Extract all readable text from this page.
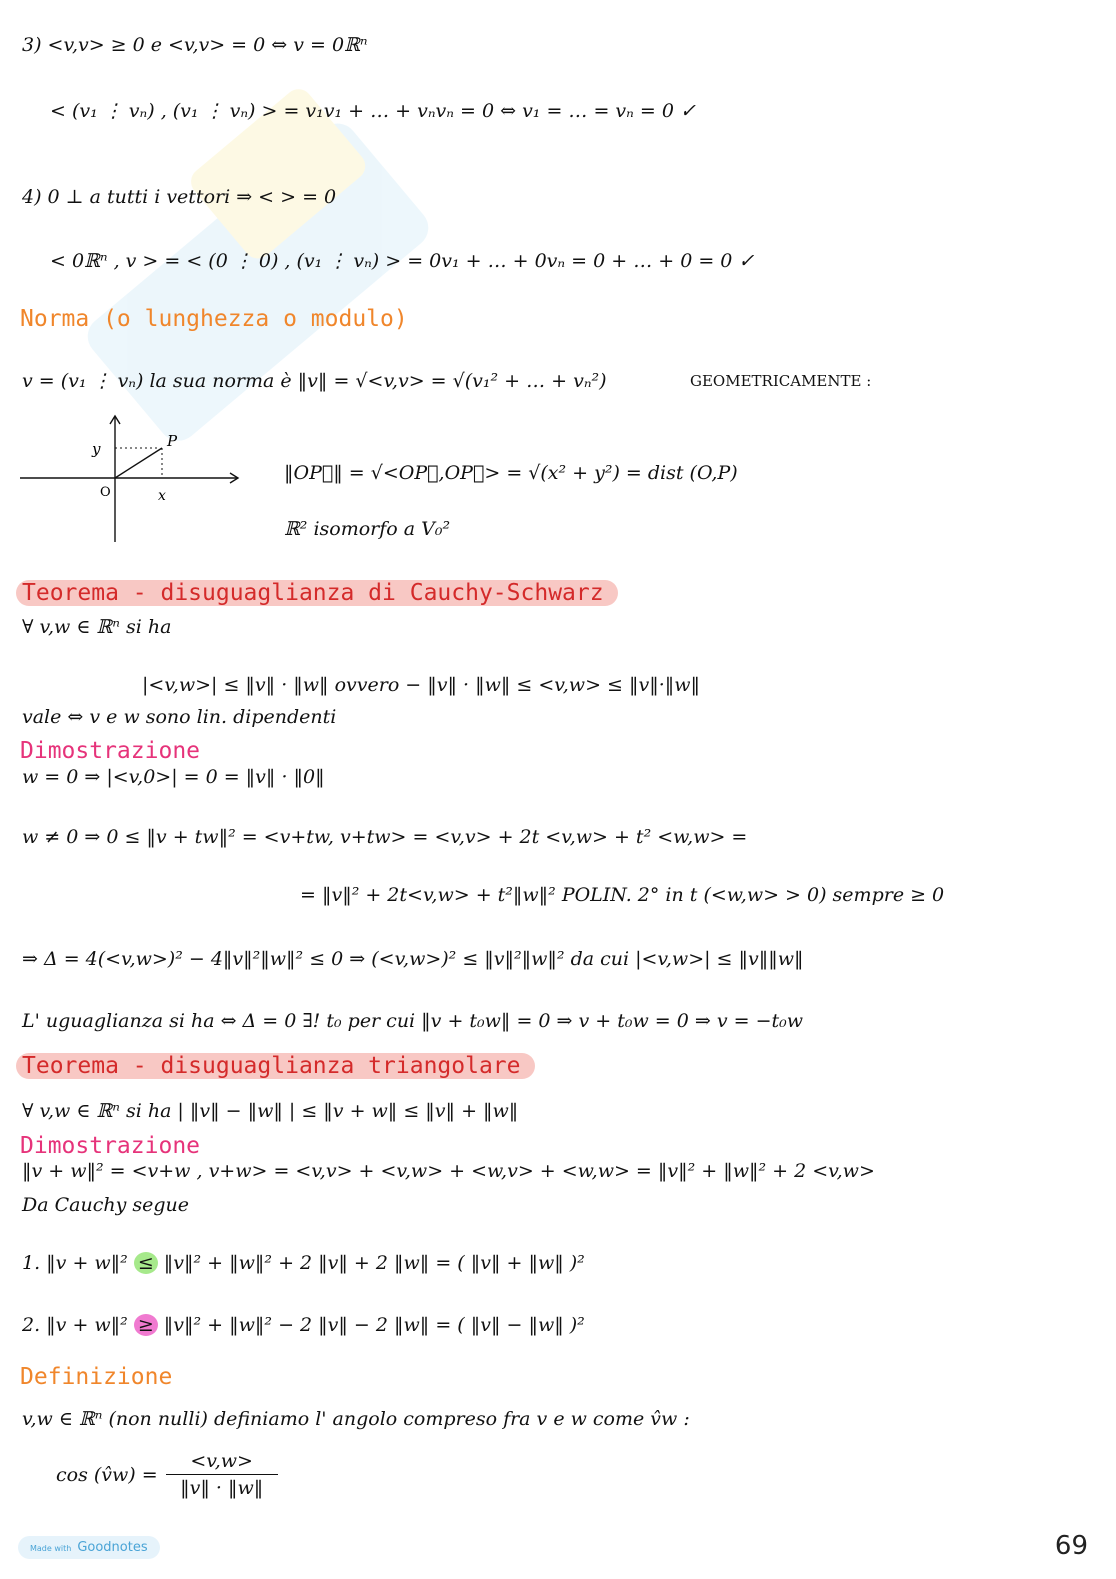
3) <v,v> ≥ 0 e <v,v> = 0 ⇔ v = 0ℝⁿ
< (v₁ ⋮ vₙ) , (v₁ ⋮ vₙ) > = v₁v₁ + … + vₙvₙ = 0 ⇔ v₁ = … = vₙ = 0 ✓
4) 0 ⊥ a tutti i vettori ⇒ < > = 0
< 0ℝⁿ , v > = < (0 ⋮ 0) , (v₁ ⋮ vₙ) > = 0v₁ + … + 0vₙ = 0 + … + 0 = 0 ✓
Norma (o lunghezza o modulo)
v = (v₁ ⋮ vₙ) la sua norma è ‖v‖ = √<v,v> = √(v₁² + … + vₙ²)	GEOMETRICAMENTE :
y	P
O	x
‖OP⃗‖ = √<OP⃗,OP⃗> = √(x² + y²) = dist (O,P)
ℝ² isomorfo a V₀²
Teorema - disuguaglianza di Cauchy-Schwarz
∀ v,w ∈ ℝⁿ si ha
|<v,w>| ≤ ‖v‖ · ‖w‖ ovvero − ‖v‖ · ‖w‖ ≤ <v,w> ≤ ‖v‖·‖w‖
vale ⇔ v e w sono lin. dipendenti
Dimostrazione
w = 0 ⇒ |<v,0>| = 0 = ‖v‖ · ‖0‖
w ≠ 0 ⇒ 0 ≤ ‖v + tw‖² = <v+tw, v+tw> = <v,v> + 2t <v,w> + t² <w,w> =
= ‖v‖² + 2t<v,w> + t²‖w‖² POLIN. 2° in t (<w,w> > 0) sempre ≥ 0
⇒ Δ = 4(<v,w>)² − 4‖v‖²‖w‖² ≤ 0 ⇒ (<v,w>)² ≤ ‖v‖²‖w‖² da cui |<v,w>| ≤ ‖v‖‖w‖
L' uguaglianza si ha ⇔ Δ = 0 ∃! t₀ per cui ‖v + t₀w‖ = 0 ⇒ v + t₀w = 0 ⇒ v = −t₀w
Teorema - disuguaglianza triangolare
∀ v,w ∈ ℝⁿ si ha | ‖v‖ − ‖w‖ | ≤ ‖v + w‖ ≤ ‖v‖ + ‖w‖
Dimostrazione
‖v + w‖² = <v+w , v+w> = <v,v> + <v,w> + <w,v> + <w,w> = ‖v‖² + ‖w‖² + 2 <v,w>
Da Cauchy segue
1. ‖v + w‖² ≤ ‖v‖² + ‖w‖² + 2 ‖v‖ + 2 ‖w‖ = ( ‖v‖ + ‖w‖ )²
2. ‖v + w‖² ≥ ‖v‖² + ‖w‖² − 2 ‖v‖ − 2 ‖w‖ = ( ‖v‖ − ‖w‖ )²
Definizione
v,w ∈ ℝⁿ (non nulli) definiamo l' angolo compreso fra v e w come v̂w :
cos (v̂w) =
<v,w>
‖v‖ · ‖w‖
Made with Goodnotes	69
